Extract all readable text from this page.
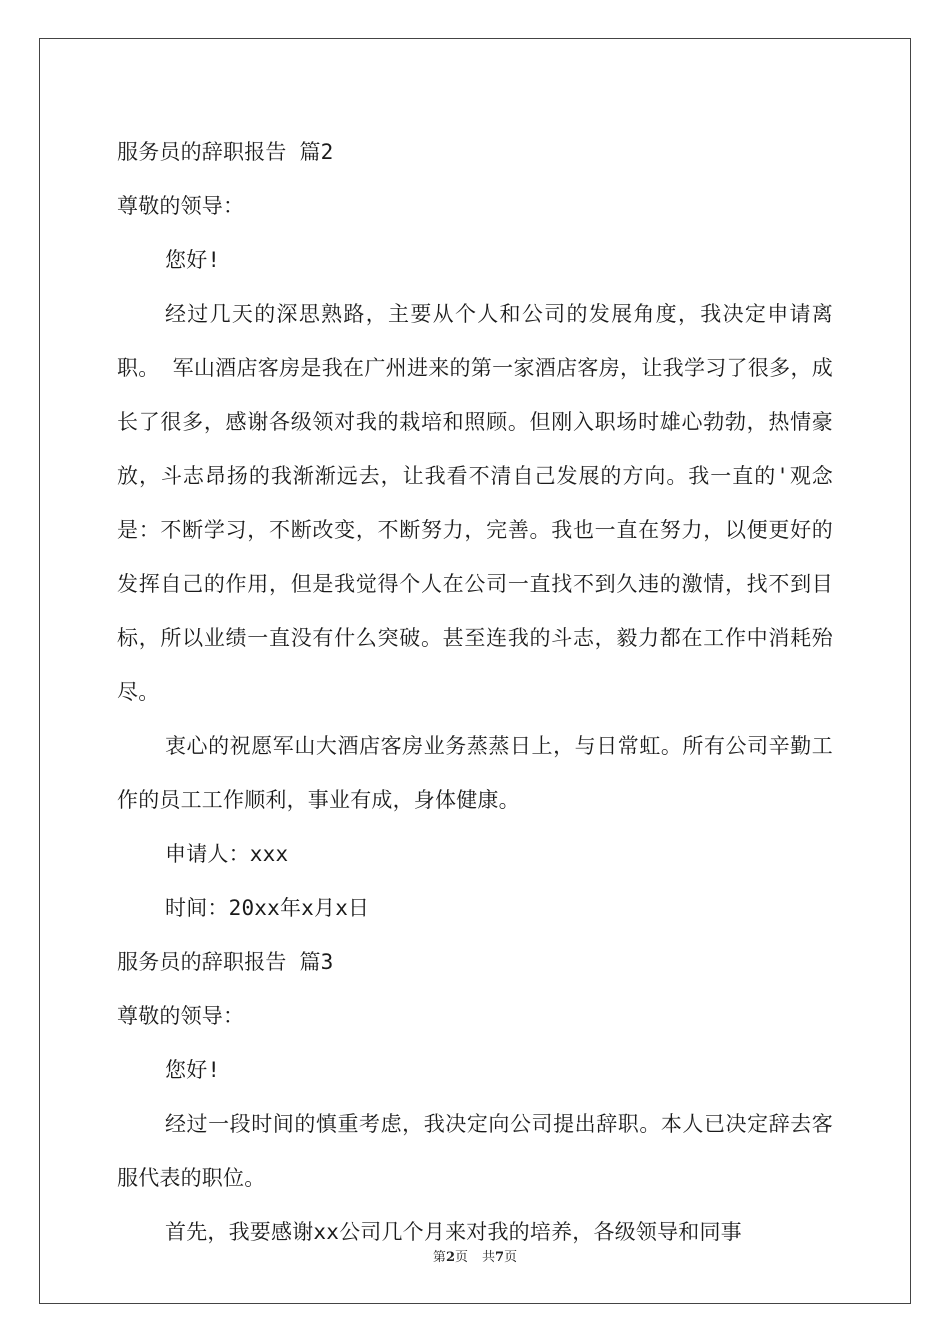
服务员的辞职报告 篇2
尊敬的领导：
您好!
经过几天的深思熟路，主要从个人和公司的发展角度，我决定申请离职。 军山酒店客房是我在广州进来的第一家酒店客房，让我学习了很多，成长了很多，感谢各级领对我的栽培和照顾。但刚入职场时雄心勃勃，热情豪放，斗志昂扬的我渐渐远去，让我看不清自己发展的方向。我一直的'观念是：不断学习，不断改变，不断努力，完善。我也一直在努力，以便更好的发挥自己的作用，但是我觉得个人在公司一直找不到久违的激情，找不到目标，所以业绩一直没有什么突破。甚至连我的斗志，毅力都在工作中消耗殆尽。
衷心的祝愿军山大酒店客房业务蒸蒸日上，与日常虹。所有公司辛勤工作的员工工作顺利，事业有成，身体健康。
申请人：xxx
时间：20xx年x月x日
服务员的辞职报告 篇3
尊敬的领导：
您好!
经过一段时间的慎重考虑，我决定向公司提出辞职。本人已决定辞去客服代表的职位。
首先，我要感谢xx公司几个月来对我的培养，各级领导和同事
第2页 共7页
